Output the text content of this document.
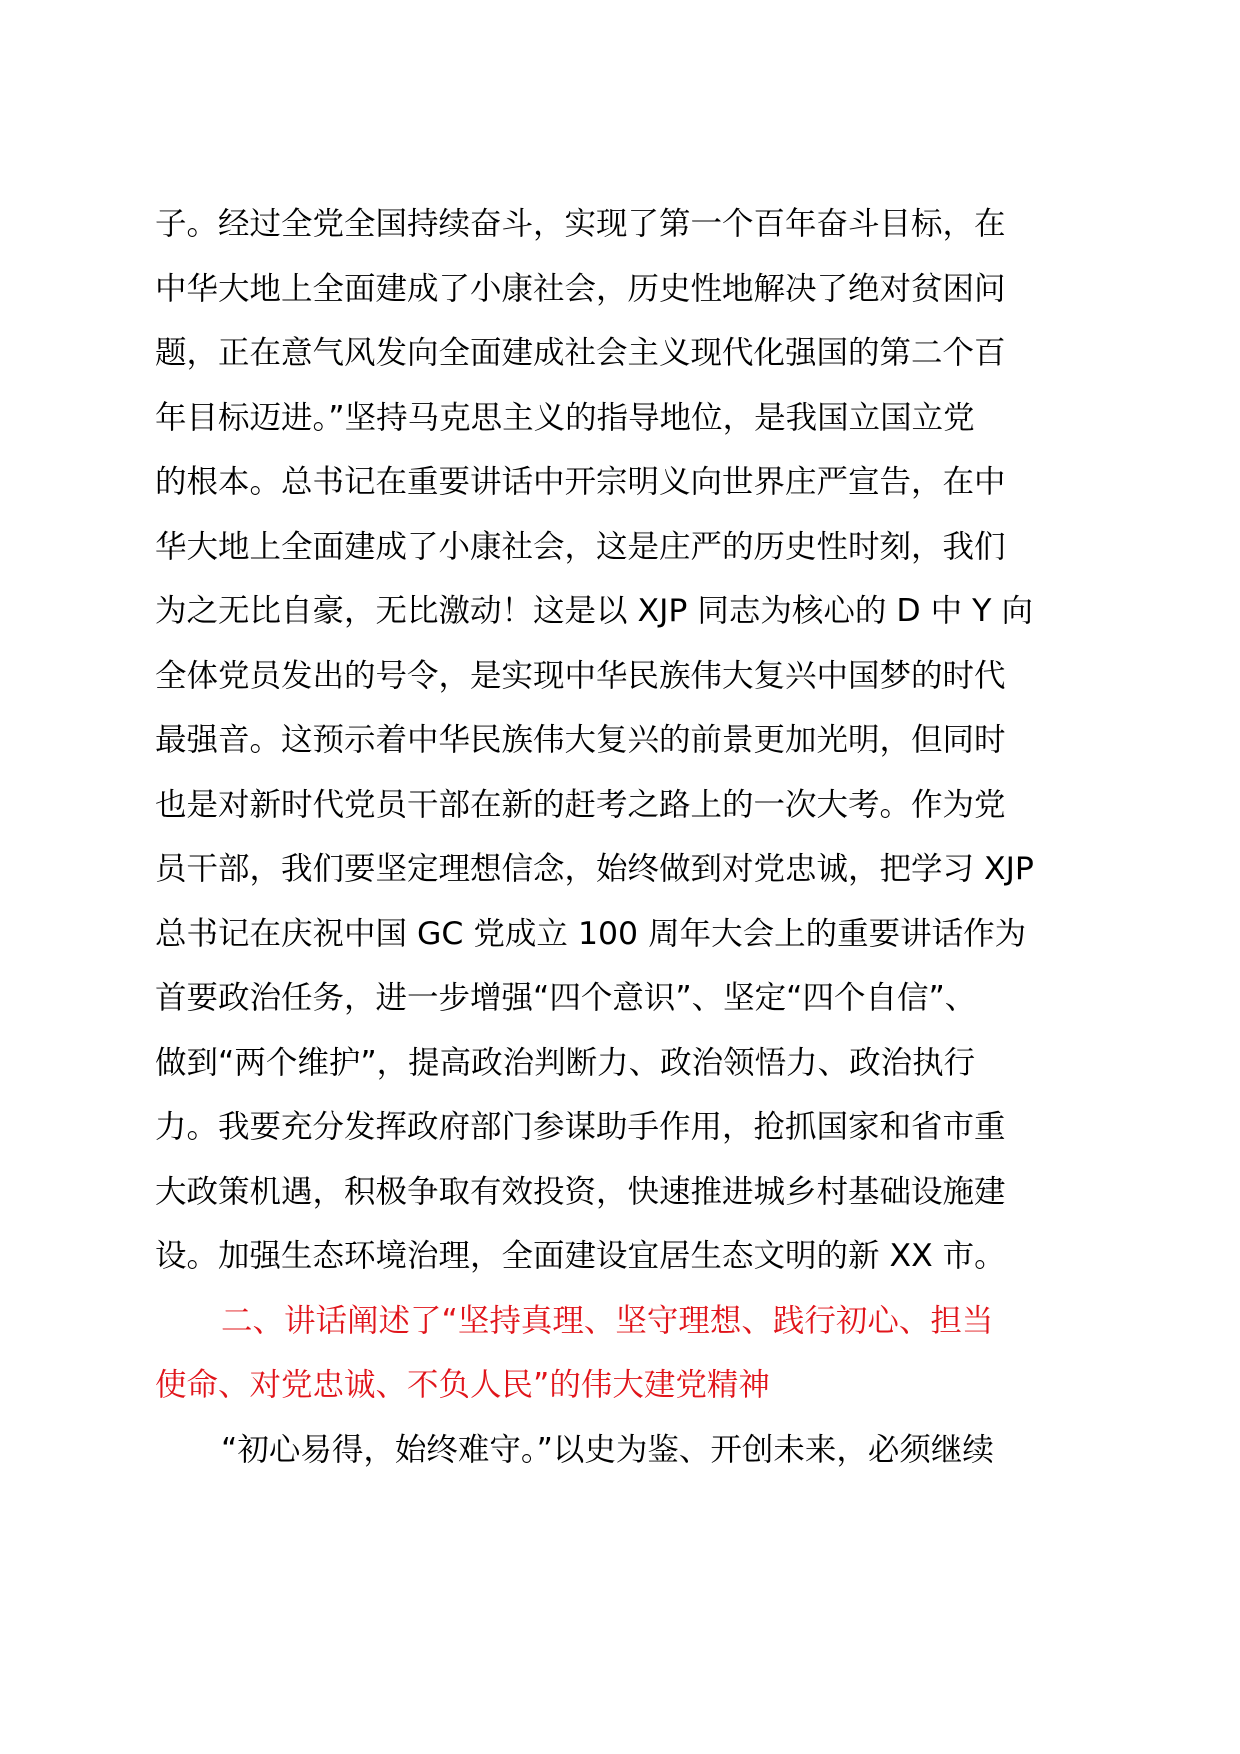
子。经过全党全国持续奋斗，实现了第一个百年奋斗目标，在
中华大地上全面建成了小康社会，历史性地解决了绝对贫困问
题，正在意气风发向全面建成社会主义现代化强国的第二个百
年目标迈进。”坚持马克思主义的指导地位，是我国立国立党
的根本。总书记在重要讲话中开宗明义向世界庄严宣告，在中
华大地上全面建成了小康社会，这是庄严的历史性时刻，我们
为之无比自豪，无比激动！这是以 XJP 同志为核心的 D 中 Y 向
全体党员发出的号令，是实现中华民族伟大复兴中国梦的时代
最强音。这预示着中华民族伟大复兴的前景更加光明，但同时
也是对新时代党员干部在新的赶考之路上的一次大考。作为党
员干部，我们要坚定理想信念，始终做到对党忠诚，把学习 XJP
总书记在庆祝中国 GC 党成立 100 周年大会上的重要讲话作为
首要政治任务，进一步增强“四个意识”、坚定“四个自信”、
做到“两个维护”，提高政治判断力、政治领悟力、政治执行
力。我要充分发挥政府部门参谋助手作用，抢抓国家和省市重
大政策机遇，积极争取有效投资，快速推进城乡村基础设施建
设。加强生态环境治理，全面建设宜居生态文明的新 XX 市。
二、讲话阐述了“坚持真理、坚守理想、践行初心、担当
使命、对党忠诚、不负人民”的伟大建党精神
“初心易得，始终难守。”以史为鉴、开创未来，必须继续
